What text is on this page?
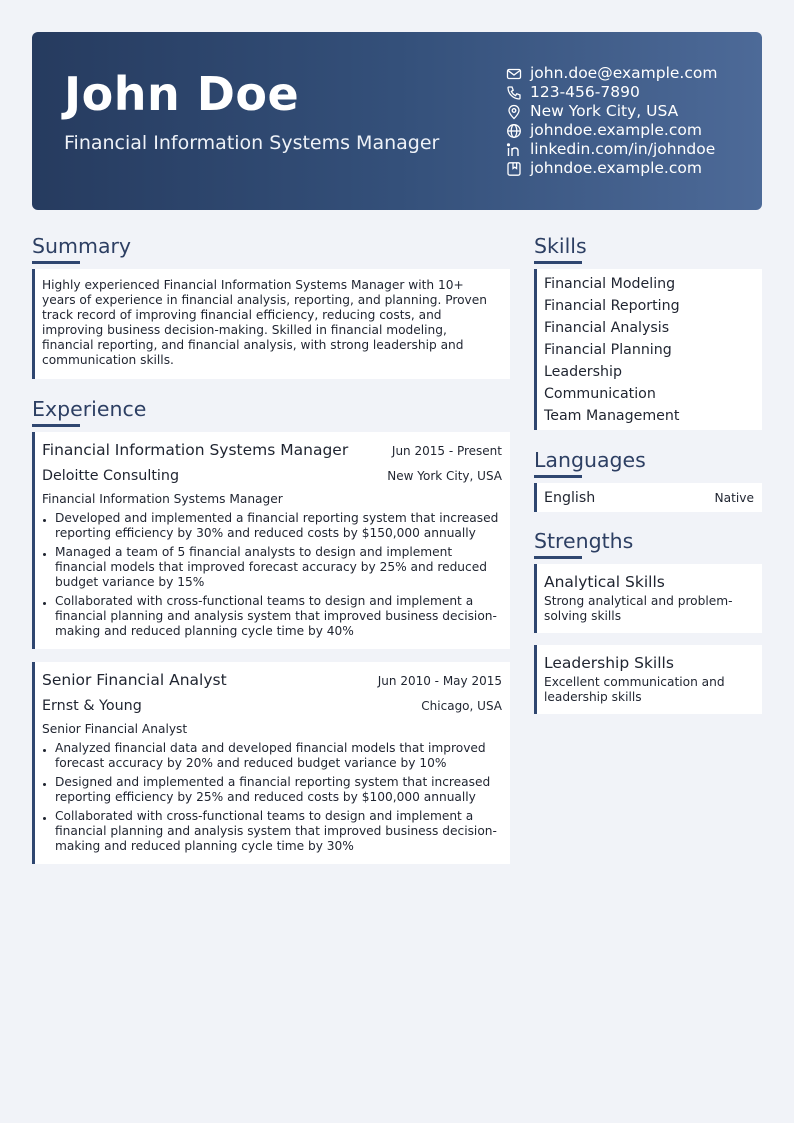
John Doe
Financial Information Systems Manager
john.doe@example.com
123-456-7890
New York City, USA
johndoe.example.com
linkedin.com/in/johndoe
johndoe.example.com
Summary
Highly experienced Financial Information Systems Manager with 10+ years of experience in financial analysis, reporting, and planning. Proven track record of improving financial efficiency, reducing costs, and improving business decision-making. Skilled in financial modeling, financial reporting, and financial analysis, with strong leadership and communication skills.
Experience
Financial Information Systems Manager	Jun 2015 - Present
Deloitte Consulting	New York City, USA
Financial Information Systems Manager
Developed and implemented a financial reporting system that increased reporting efficiency by 30% and reduced costs by $150,000 annually
Managed a team of 5 financial analysts to design and implement financial models that improved forecast accuracy by 25% and reduced budget variance by 15%
Collaborated with cross-functional teams to design and implement a financial planning and analysis system that improved business decision-making and reduced planning cycle time by 40%
Senior Financial Analyst	Jun 2010 - May 2015
Ernst & Young	Chicago, USA
Senior Financial Analyst
Analyzed financial data and developed financial models that improved forecast accuracy by 20% and reduced budget variance by 10%
Designed and implemented a financial reporting system that increased reporting efficiency by 25% and reduced costs by $100,000 annually
Collaborated with cross-functional teams to design and implement a financial planning and analysis system that improved business decision-making and reduced planning cycle time by 30%
Skills
Financial Modeling
Financial Reporting
Financial Analysis
Financial Planning
Leadership
Communication
Team Management
Languages
English	Native
Strengths
Analytical Skills
Strong analytical and problem-solving skills
Leadership Skills
Excellent communication and leadership skills
